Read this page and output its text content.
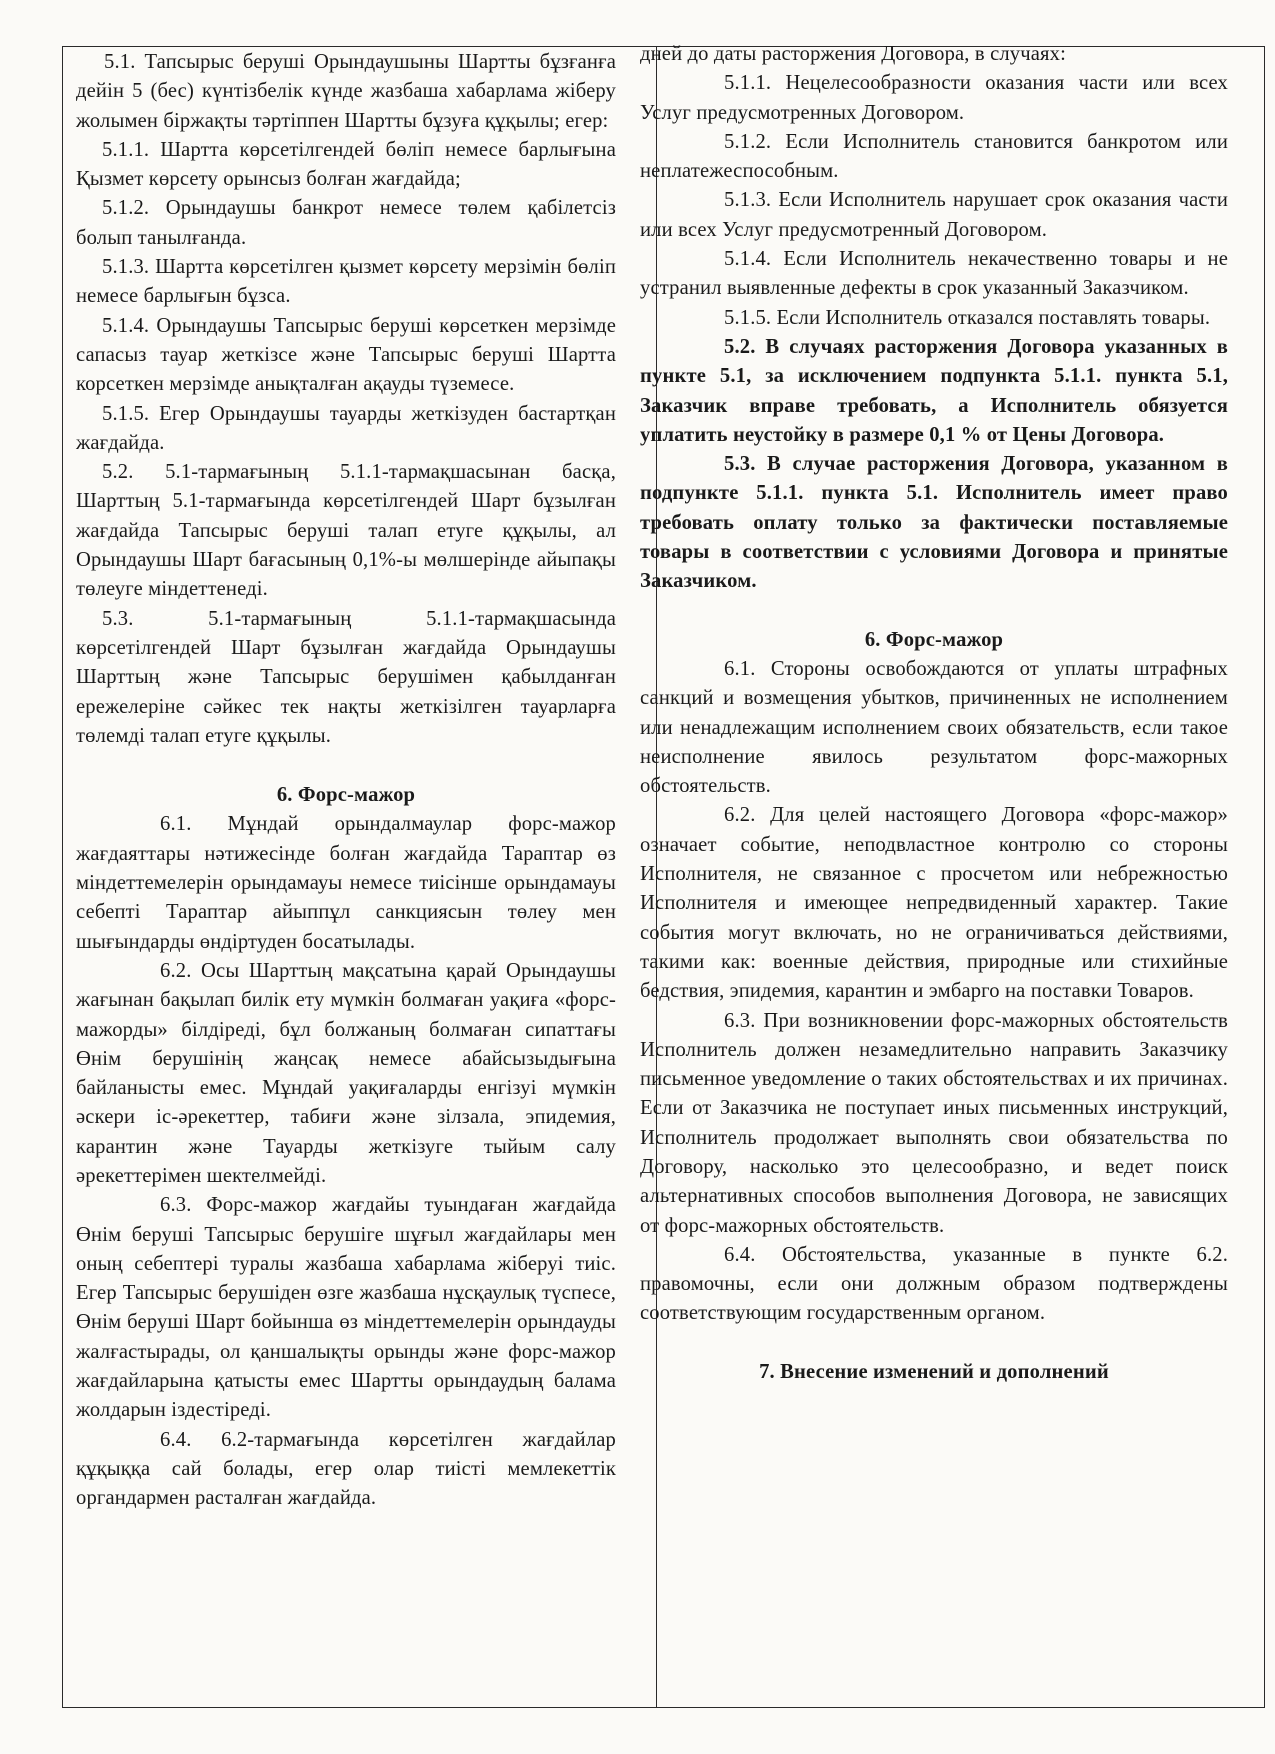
5.1. Тапсырыс беруші Орындаушыны Шартты бұзғанға дейін 5 (бес) күнтізбелік күнде жазбаша хабарлама жіберу жолымен біржақты тәртіппен Шартты бұзуға құқылы; егер:

5.1.1. Шартта көрсетілгендей бөліп немесе барлығына Қызмет көрсету орынсыз болған жағдайда;

5.1.2. Орындаушы банкрот немесе төлем қабілетсіз болып танылғанда.

5.1.3. Шартта көрсетілген қызмет көрсету мерзімін бөліп немесе барлығын бұзса.

5.1.4. Орындаушы Тапсырыс беруші көрсеткен мерзімде сапасыз тауар жеткізсе және Тапсырыс беруші Шартта корсеткен мерзімде анықталған ақауды түземесе.

5.1.5. Егер Орындаушы тауарды жеткізуден бастартқан жағдайда.

5.2. 5.1-тармағының 5.1.1-тармақшасынан басқа, Шарттың 5.1-тармағында көрсетілгендей Шарт бұзылған жағдайда Тапсырыс беруші талап етуге құқылы, ал Орындаушы Шарт бағасының 0,1%-ы мөлшерінде айыпақы төлеуге міндеттенеді.

5.3. 5.1-тармағының 5.1.1-тармақшасында көрсетілгендей Шарт бұзылған жағдайда Орындаушы Шарттың және Тапсырыс берушімен қабылданған ережелеріне сәйкес тек нақты жеткізілген тауарларға төлемді талап етуге құқылы.

6. Форс-мажор

6.1. Мұндай орындалмаулар форс-мажор жағдаяттары нәтижесінде болған жағдайда Тараптар өз міндеттемелерін орындамауы немесе тиісінше орындамауы себепті Тараптар айыппұл санкциясын төлеу мен шығындарды өндіртуден босатылады.

6.2. Осы Шарттың мақсатына қарай Орындаушы жағынан бақылап билік ету мүмкін болмаған уақиға «форс-мажорды» білдіреді, бұл болжаның болмаған сипаттағы Өнім берушінің жаңсақ немесе абайсызыдығына байланысты емес. Мұндай уақиғаларды енгізуі мүмкін әскери іс-әрекеттер, табиғи және зілзала, эпидемия, карантин және Тауарды жеткізуге тыйым салу әрекеттерімен шектелмейді.

6.3. Форс-мажор жағдайы туындаған жағдайда Өнім беруші Тапсырыс берушіге шұғыл жағдайлары мен оның себептері туралы жазбаша хабарлама жіберуі тиіс. Егер Тапсырыс берушіден өзге жазбаша нұсқаулық түспесе, Өнім беруші Шарт бойынша өз міндеттемелерін орындауды жалғастырады, ол қаншалықты орынды және форс-мажор жағдайларына қатысты емес Шартты орындаудың балама жолдарын іздестіреді.

6.4. 6.2-тармағында көрсетілген жағдайлар құқыққа сай болады, егер олар тиісті мемлекеттік органдармен расталған жағдайда.

дней до даты расторжения Договора, в случаях:

5.1.1. Нецелесообразности оказания части или всех Услуг предусмотренных Договором.

5.1.2. Если Исполнитель становится банкротом или неплатежеспособным.

5.1.3. Если Исполнитель нарушает срок оказания части или всех Услуг предусмотренный Договором.

5.1.4. Если Исполнитель некачественно товары и не устранил выявленные дефекты в срок указанный Заказчиком.

5.1.5. Если Исполнитель отказался поставлять товары.

5.2. В случаях расторжения Договора указанных в пункте 5.1, за исключением подпункта 5.1.1. пункта 5.1, Заказчик вправе требовать, а Исполнитель обязуется уплатить неустойку в размере 0,1 % от Цены Договора.

5.3. В случае расторжения Договора, указанном в подпункте 5.1.1. пункта 5.1. Исполнитель имеет право требовать оплату только за фактически поставляемые товары в соответствии с условиями Договора и принятые Заказчиком.

6. Форс-мажор

6.1. Стороны освобождаются от уплаты штрафных санкций и возмещения убытков, причиненных не исполнением или ненадлежащим исполнением своих обязательств, если такое неисполнение явилось результатом форс-мажорных обстоятельств.

6.2. Для целей настоящего Договора «форс-мажор» означает событие, неподвластное контролю со стороны Исполнителя, не связанное с просчетом или небрежностью Исполнителя и имеющее непредвиденный характер. Такие события могут включать, но не ограничиваться действиями, такими как: военные действия, природные или стихийные бедствия, эпидемия, карантин и эмбарго на поставки Товаров.

6.3. При возникновении форс-мажорных обстоятельств Исполнитель должен незамедлительно направить Заказчику письменное уведомление о таких обстоятельствах и их причинах. Если от Заказчика не поступает иных письменных инструкций, Исполнитель продолжает выполнять свои обязательства по Договору, насколько это целесообразно, и ведет поиск альтернативных способов выполнения Договора, не зависящих от форс-мажорных обстоятельств.

6.4. Обстоятельства, указанные в пункте 6.2. правомочны, если они должным образом подтверждены соответствующим государственным органом.

7. Внесение изменений и дополнений
